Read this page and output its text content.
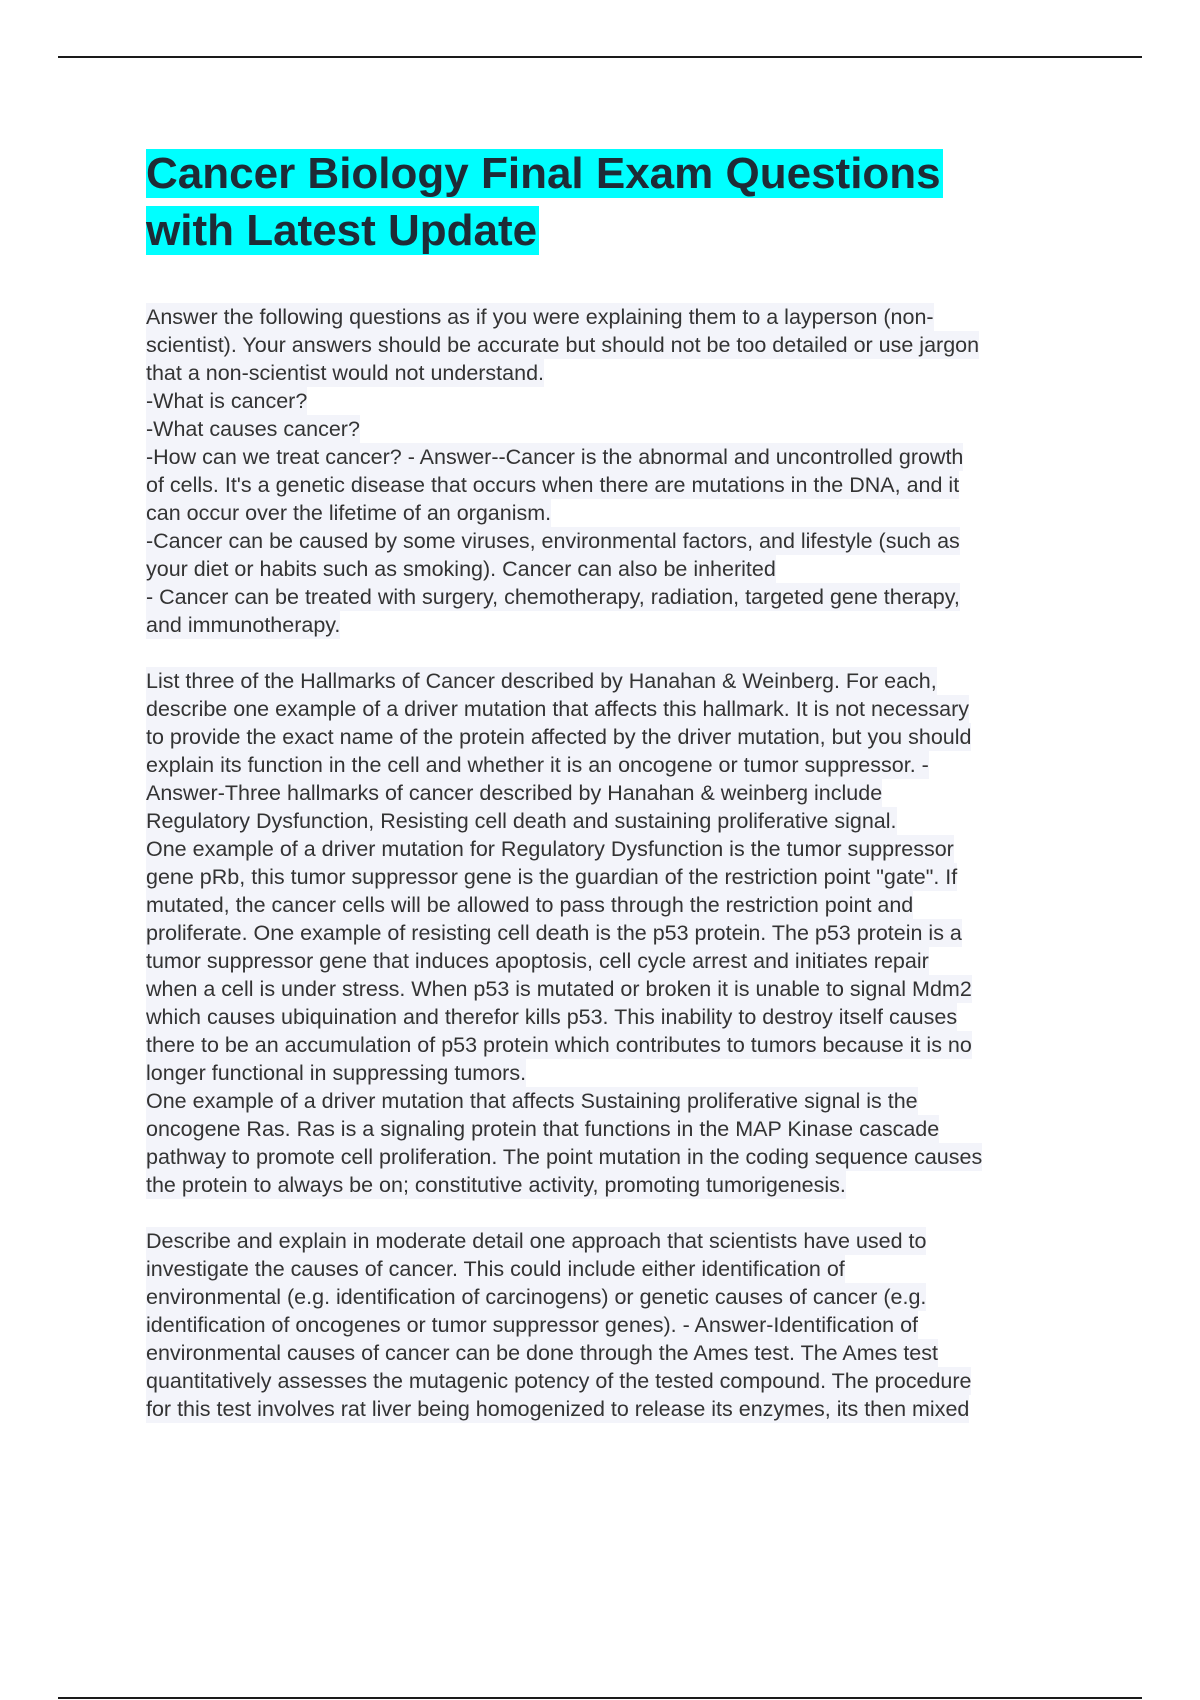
Cancer Biology Final Exam Questions
with Latest Update
Answer the following questions as if you were explaining them to a layperson (non-
scientist). Your answers should be accurate but should not be too detailed or use jargon
that a non-scientist would not understand.
-What is cancer?
-What causes cancer?
-How can we treat cancer? - Answer--Cancer is the abnormal and uncontrolled growth
of cells. It's a genetic disease that occurs when there are mutations in the DNA, and it
can occur over the lifetime of an organism.
-Cancer can be caused by some viruses, environmental factors, and lifestyle (such as
your diet or habits such as smoking). Cancer can also be inherited
- Cancer can be treated with surgery, chemotherapy, radiation, targeted gene therapy,
and immunotherapy.
List three of the Hallmarks of Cancer described by Hanahan & Weinberg. For each,
describe one example of a driver mutation that affects this hallmark. It is not necessary
to provide the exact name of the protein affected by the driver mutation, but you should
explain its function in the cell and whether it is an oncogene or tumor suppressor. -
Answer-Three hallmarks of cancer described by Hanahan & weinberg include
Regulatory Dysfunction, Resisting cell death and sustaining proliferative signal.
One example of a driver mutation for Regulatory Dysfunction is the tumor suppressor
gene pRb, this tumor suppressor gene is the guardian of the restriction point "gate". If
mutated, the cancer cells will be allowed to pass through the restriction point and
proliferate. One example of resisting cell death is the p53 protein. The p53 protein is a
tumor suppressor gene that induces apoptosis, cell cycle arrest and initiates repair
when a cell is under stress. When p53 is mutated or broken it is unable to signal Mdm2
which causes ubiquination and therefor kills p53. This inability to destroy itself causes
there to be an accumulation of p53 protein which contributes to tumors because it is no
longer functional in suppressing tumors.
One example of a driver mutation that affects Sustaining proliferative signal is the
oncogene Ras. Ras is a signaling protein that functions in the MAP Kinase cascade
pathway to promote cell proliferation. The point mutation in the coding sequence causes
the protein to always be on; constitutive activity, promoting tumorigenesis.
Describe and explain in moderate detail one approach that scientists have used to
investigate the causes of cancer. This could include either identification of
environmental (e.g. identification of carcinogens) or genetic causes of cancer (e.g.
identification of oncogenes or tumor suppressor genes). - Answer-Identification of
environmental causes of cancer can be done through the Ames test. The Ames test
quantitatively assesses the mutagenic potency of the tested compound. The procedure
for this test involves rat liver being homogenized to release its enzymes, its then mixed
